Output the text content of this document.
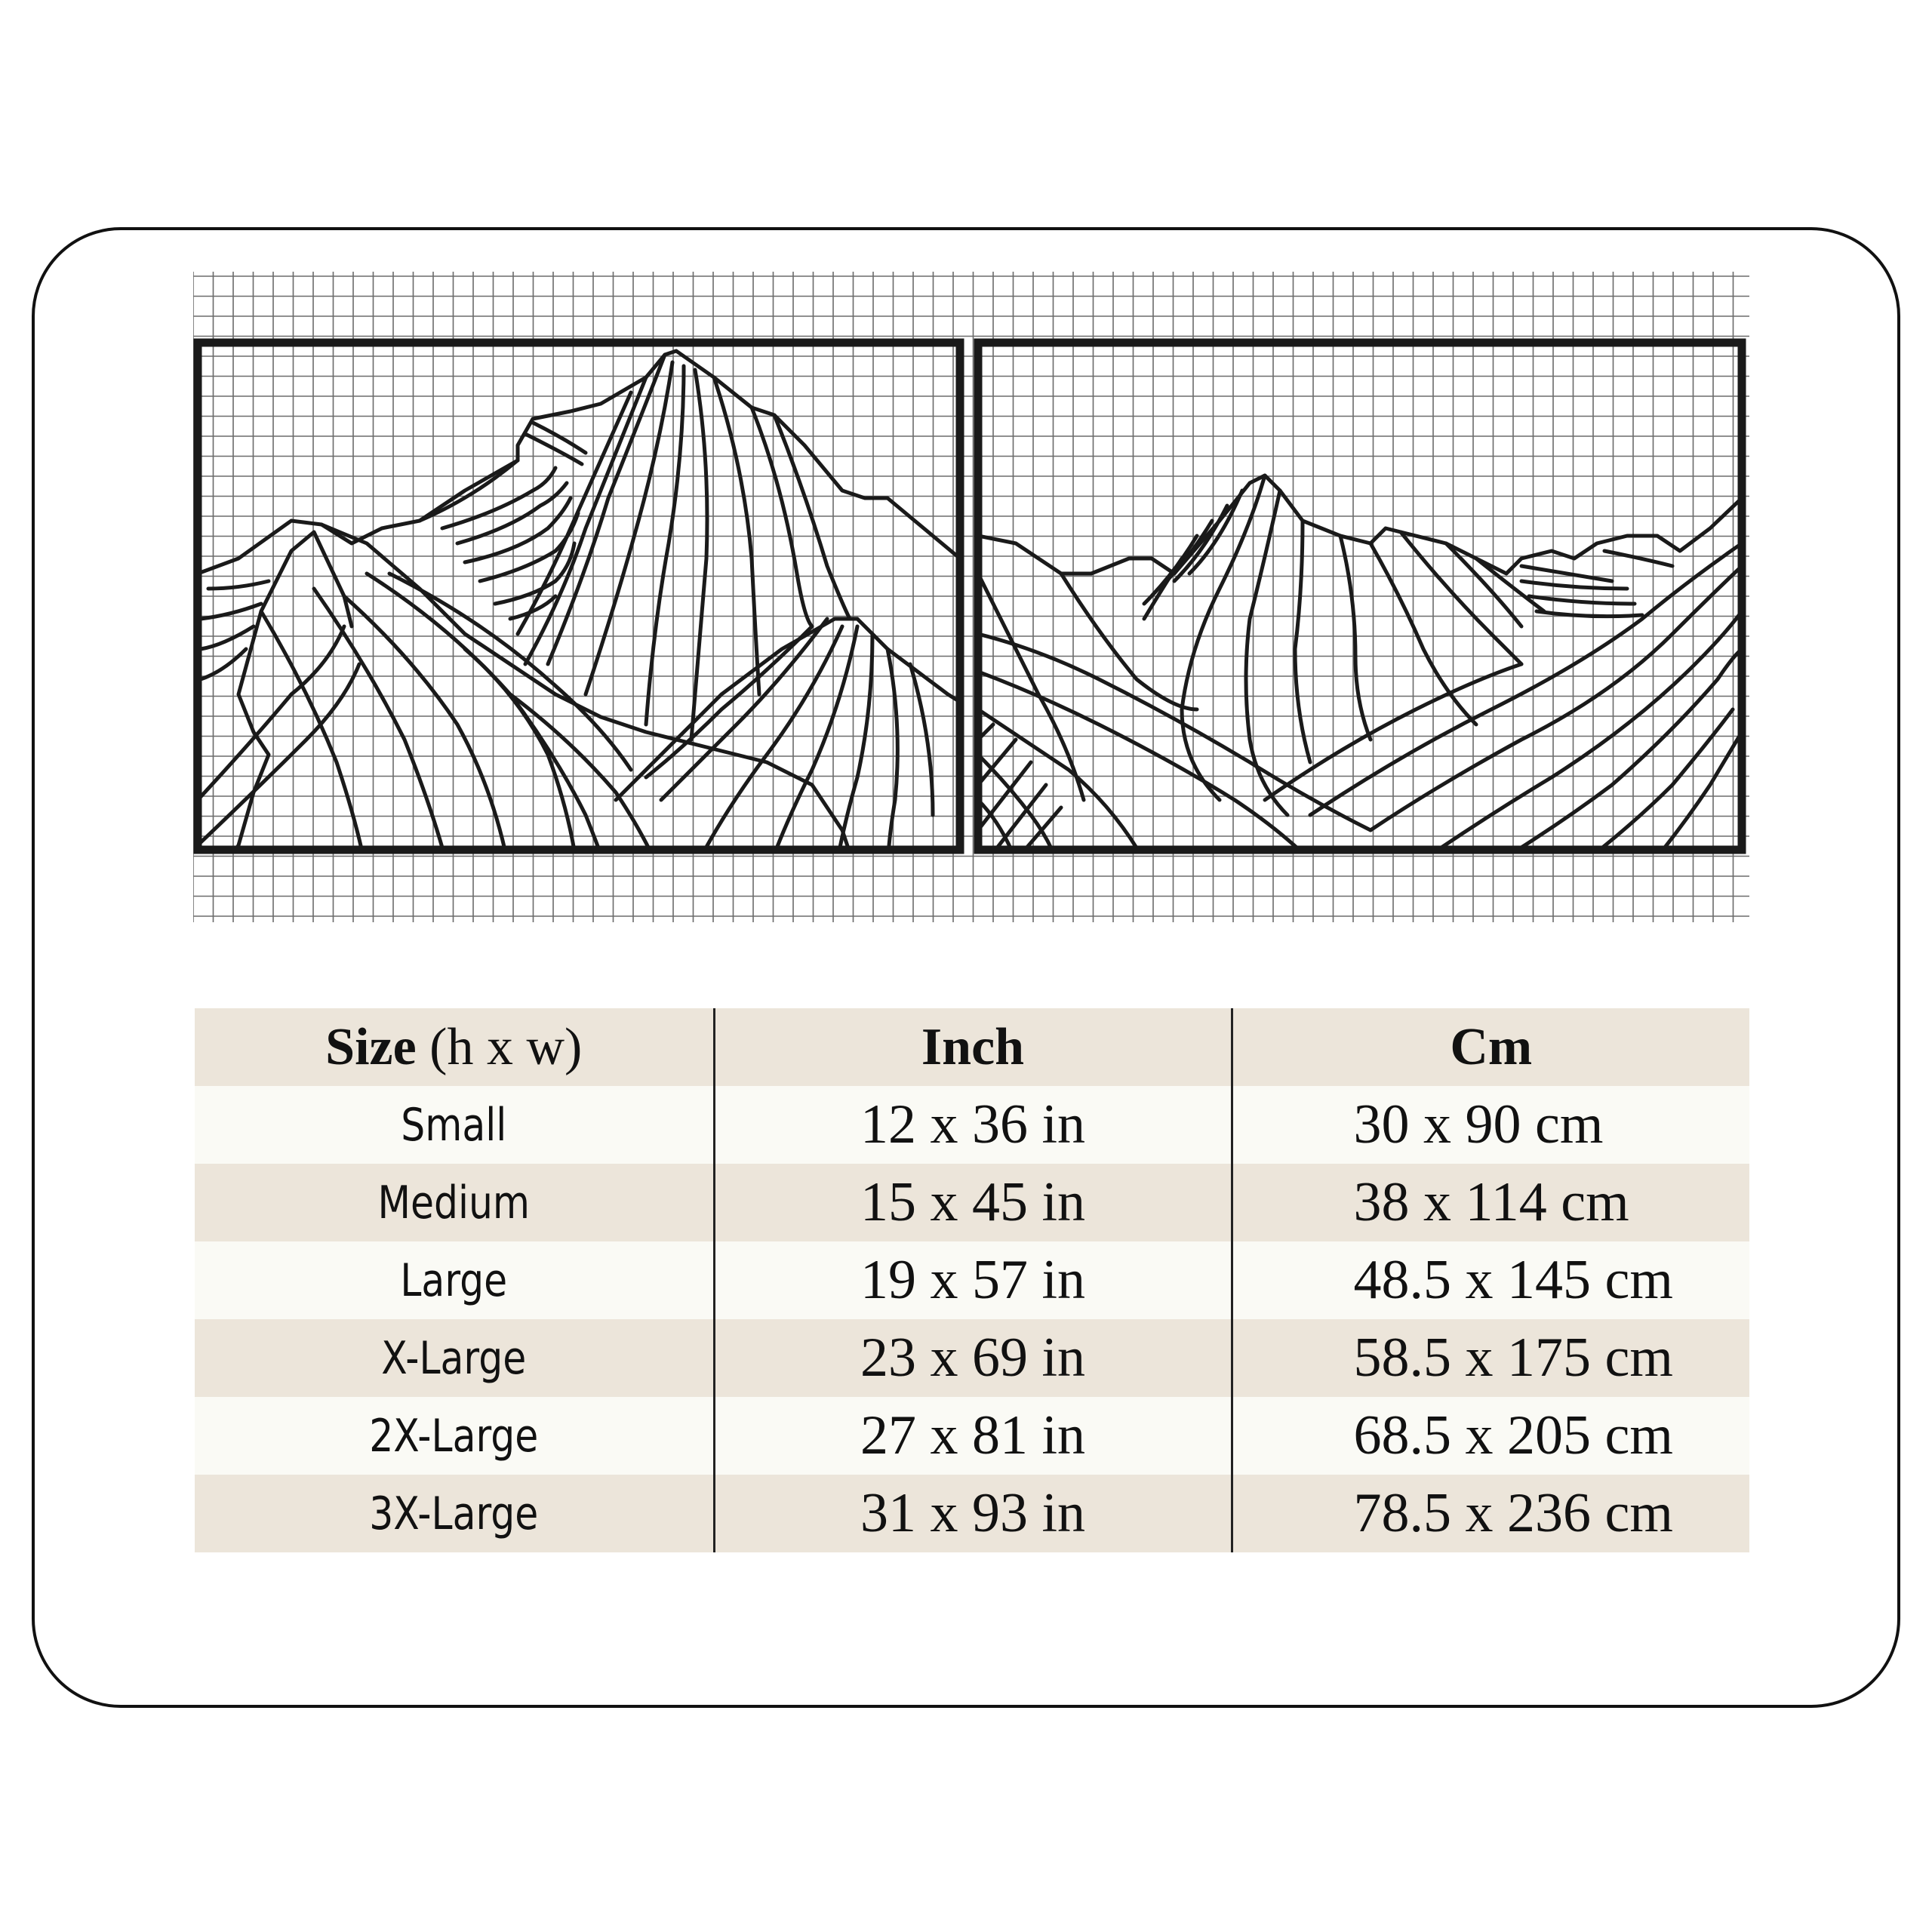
Size (h x w)	Inch	Cm

Small	12 x 36 in	30 x 90 cm

Medium	15 x 45 in	38 x 114 cm

Large	19 x 57 in	48.5 x 145 cm

X-Large	23 x 69 in	58.5 x 175 cm

2X-Large	27 x 81 in	68.5 x 205 cm

3X-Large	31 x 93 in	78.5 x 236 cm
